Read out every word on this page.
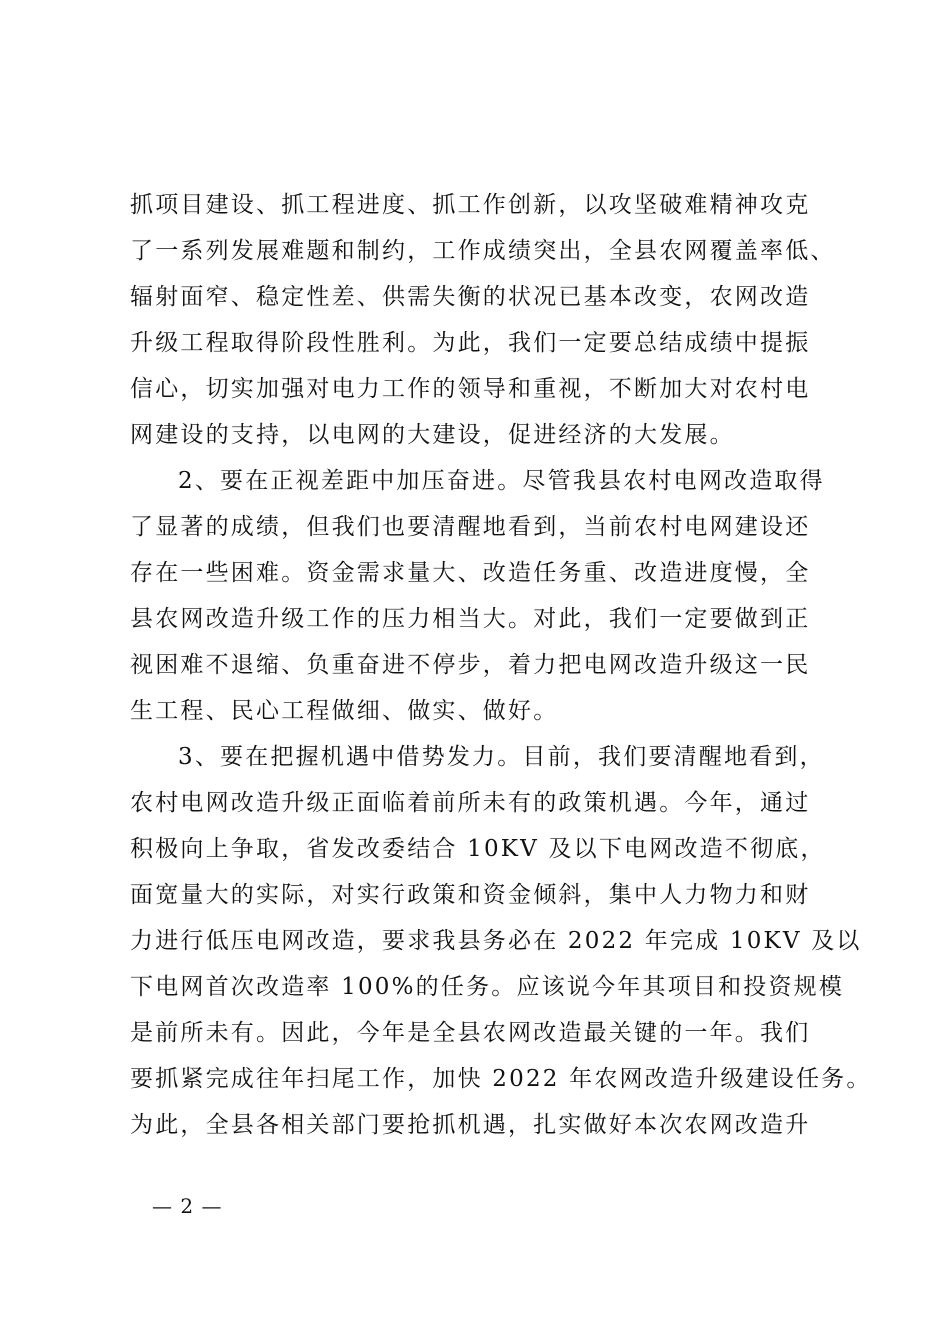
抓项目建设、抓工程进度、抓工作创新，以攻坚破难精神攻克
了一系列发展难题和制约，工作成绩突出，全县农网覆盖率低、
辐射面窄、稳定性差、供需失衡的状况已基本改变，农网改造
升级工程取得阶段性胜利。为此，我们一定要总结成绩中提振
信心，切实加强对电力工作的领导和重视，不断加大对农村电
网建设的支持，以电网的大建设，促进经济的大发展。
2、要在正视差距中加压奋进。尽管我县农村电网改造取得
了显著的成绩，但我们也要清醒地看到，当前农村电网建设还
存在一些困难。资金需求量大、改造任务重、改造进度慢，全
县农网改造升级工作的压力相当大。对此，我们一定要做到正
视困难不退缩、负重奋进不停步，着力把电网改造升级这一民
生工程、民心工程做细、做实、做好。
3、要在把握机遇中借势发力。目前，我们要清醒地看到，
农村电网改造升级正面临着前所未有的政策机遇。今年，通过
积极向上争取，省发改委结合 10KV 及以下电网改造不彻底，
面宽量大的实际，对实行政策和资金倾斜，集中人力物力和财
力进行低压电网改造，要求我县务必在 2022 年完成 10KV 及以
下电网首次改造率 100%的任务。应该说今年其项目和投资规模
是前所未有。因此，今年是全县农网改造最关键的一年。我们
要抓紧完成往年扫尾工作，加快 2022 年农网改造升级建设任务。
为此，全县各相关部门要抢抓机遇，扎实做好本次农网改造升
— 2 —
